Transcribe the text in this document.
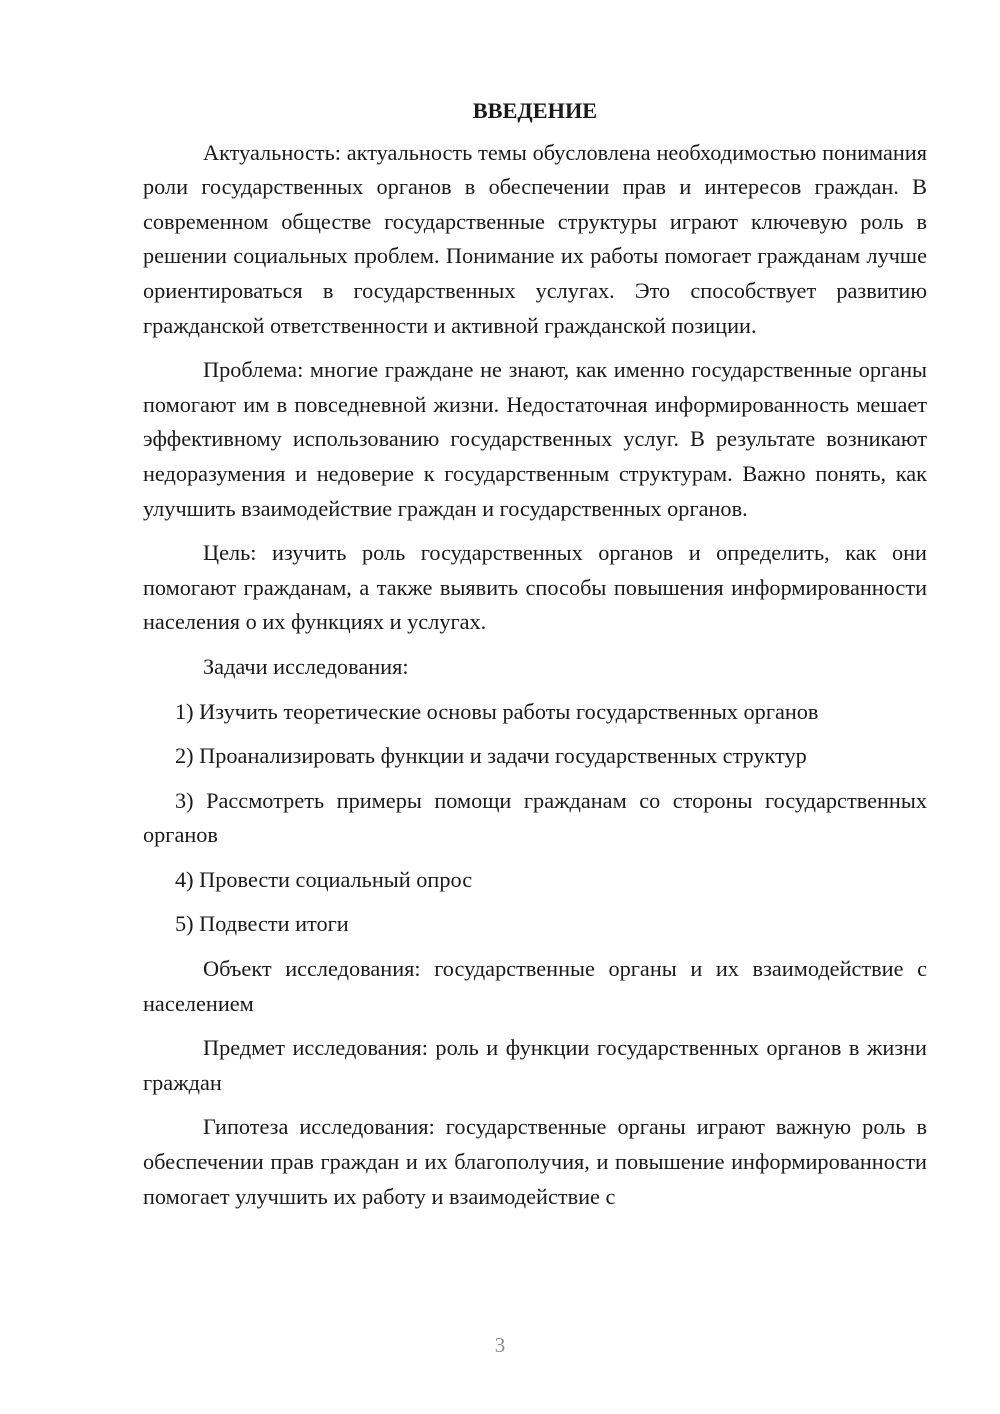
ВВЕДЕНИЕ

Актуальность: актуальность темы обусловлена необходимостью понимания роли государственных органов в обеспечении прав и интересов граждан. В современном обществе государственные структуры играют ключевую роль в решении социальных проблем. Понимание их работы помогает гражданам лучше ориентироваться в государственных услугах. Это способствует развитию гражданской ответственности и активной гражданской позиции.

Проблема: многие граждане не знают, как именно государственные органы помогают им в повседневной жизни. Недостаточная информированность мешает эффективному использованию государственных услуг. В результате возникают недоразумения и недоверие к государственным структурам. Важно понять, как улучшить взаимодействие граждан и государственных органов.

Цель: изучить роль государственных органов и определить, как они помогают гражданам, а также выявить способы повышения информированности населения о их функциях и услугах.

Задачи исследования:

1) Изучить теоретические основы работы государственных органов

2) Проанализировать функции и задачи государственных структур

3) Рассмотреть примеры помощи гражданам со стороны государственных органов

4) Провести социальный опрос

5) Подвести итоги

Объект исследования: государственные органы и их взаимодействие с населением

Предмет исследования: роль и функции государственных органов в жизни граждан

Гипотеза исследования: государственные органы играют важную роль в обеспечении прав граждан и их благополучия, и повышение информированности помогает улучшить их работу и взаимодействие с

3
